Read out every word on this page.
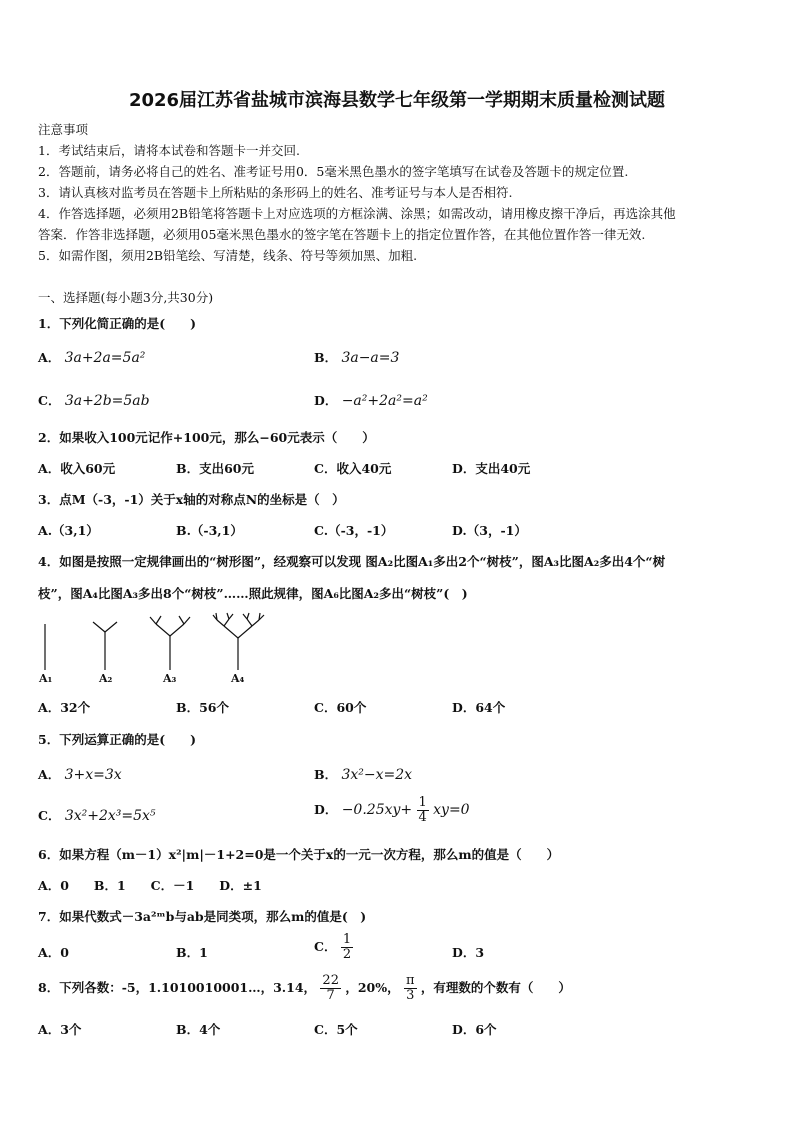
2026届江苏省盐城市滨海县数学七年级第一学期期末质量检测试题
注意事项
1．考试结束后，请将本试卷和答题卡一并交回.
2．答题前，请务必将自己的姓名、准考证号用0．5毫米黑色墨水的签字笔填写在试卷及答题卡的规定位置.
3．请认真核对监考员在答题卡上所粘贴的条形码上的姓名、准考证号与本人是否相符.
4．作答选择题，必须用2B铅笔将答题卡上对应选项的方框涂满、涂黑；如需改动，请用橡皮擦干净后，再选涂其他
答案．作答非选择题，必须用05毫米黑色墨水的签字笔在答题卡上的指定位置作答，在其他位置作答一律无效.
5．如需作图，须用2B铅笔绘、写清楚，线条、符号等须加黑、加粗.
一、选择题(每小题3分,共30分)
1．下列化简正确的是(　　)
A． 3a+2a=5a²	B． 3a−a=3
C． 3a+2b=5ab	D． −a²+2a²=a²
2．如果收入100元记作+100元，那么−60元表示（　　）
A．收入60元	B．支出60元	C．收入40元	D．支出40元
3．点M（-3，-1）关于x轴的对称点N的坐标是（　）
A.（3,1）	B.（-3,1）	C.（-3，-1）	D.（3，-1）
4．如图是按照一定规律画出的“树形图”，经观察可以发现 图A₂比图A₁多出2个“树枝”，图A₃比图A₂多出4个“树
枝”，图A₄比图A₃多出8个“树枝”……照此规律，图A₆比图A₂多出“树枝”(　)
A₁	A₂	A₃	A₄
A．32个	B．56个	C．60个	D．64个
5．下列运算正确的是(　　)
A． 3+x=3x	B． 3x²−x=2x
C． 3x²+2x³=5x⁵	D． $-0.25xy+ \frac{1}{4} xy=0$
6．如果方程（m－1）x²|m|－1+2=0是一个关于x的一元一次方程，那么m的值是（　　）
A．0　　B．1　　C．－1　　D．±1
7．如果代数式－3a²ᵐb与ab是同类项，那么m的值是(　)
A．0	B．1	C． $\frac{1}{2}$	D．3
8．下列各数：-5，1.1010010001…，3.14， $\frac{22}{7}$ ，20%， $\frac{\pi}{3}$ ，有理数的个数有（　　）
A．3个	B．4个	C．5个	D．6个
